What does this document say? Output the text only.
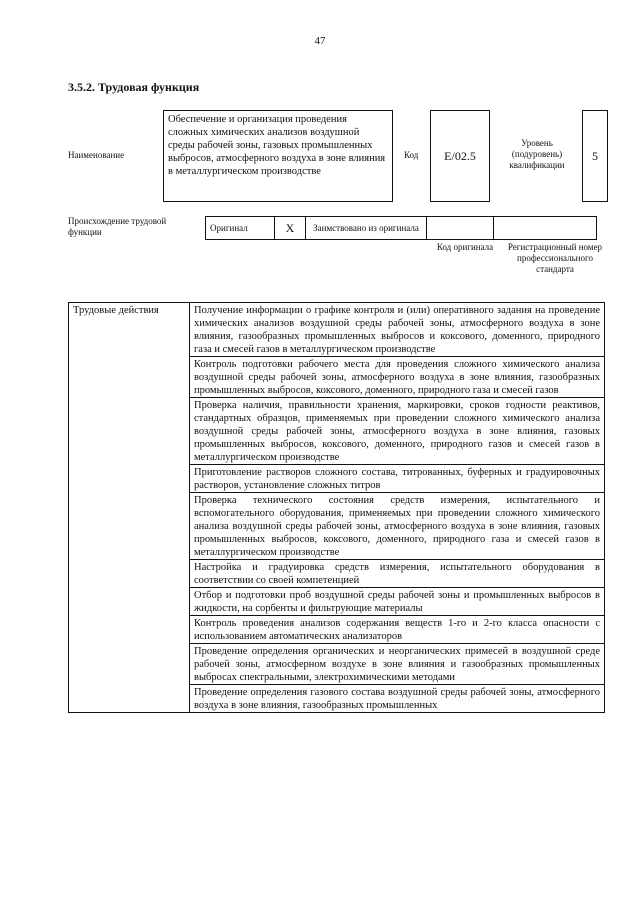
47
3.5.2. Трудовая функция
Наименование
Обеспечение и организация проведения сложных химических анализов воздушной среды рабочей зоны, газовых промышленных выбросов, атмосферного воздуха в зоне влияния в металлургическом производстве
Код	E/02.5
Уровень (подуровень) квалификации
5
Происхождение трудовой функции	Оригинал	X	Заимствовано из оригинала		
Код оригинала	Регистрационный номер профессионального стандарта
Трудовые действия	Получение информации о графике контроля и (или) оперативного задания на проведение химических анализов воздушной среды рабочей зоны, атмосферного воздуха в зоне влияния, газообразных промышленных выбросов и коксового, доменного, природного газа и смесей газов в металлургическом производстве
Контроль подготовки рабочего места для проведения сложного химического анализа воздушной среды рабочей зоны, атмосферного воздуха в зоне влияния, газообразных промышленных выбросов, коксового, доменного, природного газа и смесей газов
Проверка наличия, правильности хранения, маркировки, сроков годности реактивов, стандартных образцов, применяемых при проведении сложного химического анализа воздушной среды рабочей зоны, атмосферного воздуха в зоне влияния, газовых промышленных выбросов, коксового, доменного, природного газов и смесей газов в металлургическом производстве
Приготовление растворов сложного состава, титрованных, буферных и градуировочных растворов, установление сложных титров
Проверка технического состояния средств измерения, испытательного и вспомогательного оборудования, применяемых при проведении сложного химического анализа воздушной среды рабочей зоны, атмосферного воздуха в зоне влияния, газовых промышленных выбросов, коксового, доменного, природного газа и смесей газов в металлургическом производстве
Настройка и градуировка средств измерения, испытательного оборудования в соответствии со своей компетенцией
Отбор и подготовки проб воздушной среды рабочей зоны и промышленных выбросов в жидкости, на сорбенты и фильтрующие материалы
Контроль проведения анализов содержания веществ 1-го и 2-го класса опасности с использованием автоматических анализаторов
Проведение определения органических и неорганических примесей в воздушной среде рабочей зоны, атмосферном воздухе в зоне влияния и газообразных промышленных выбросах спектральными, электрохимическими методами
Проведение определения газового состава воздушной среды рабочей зоны, атмосферного воздуха в зоне влияния, газообразных промышленных
